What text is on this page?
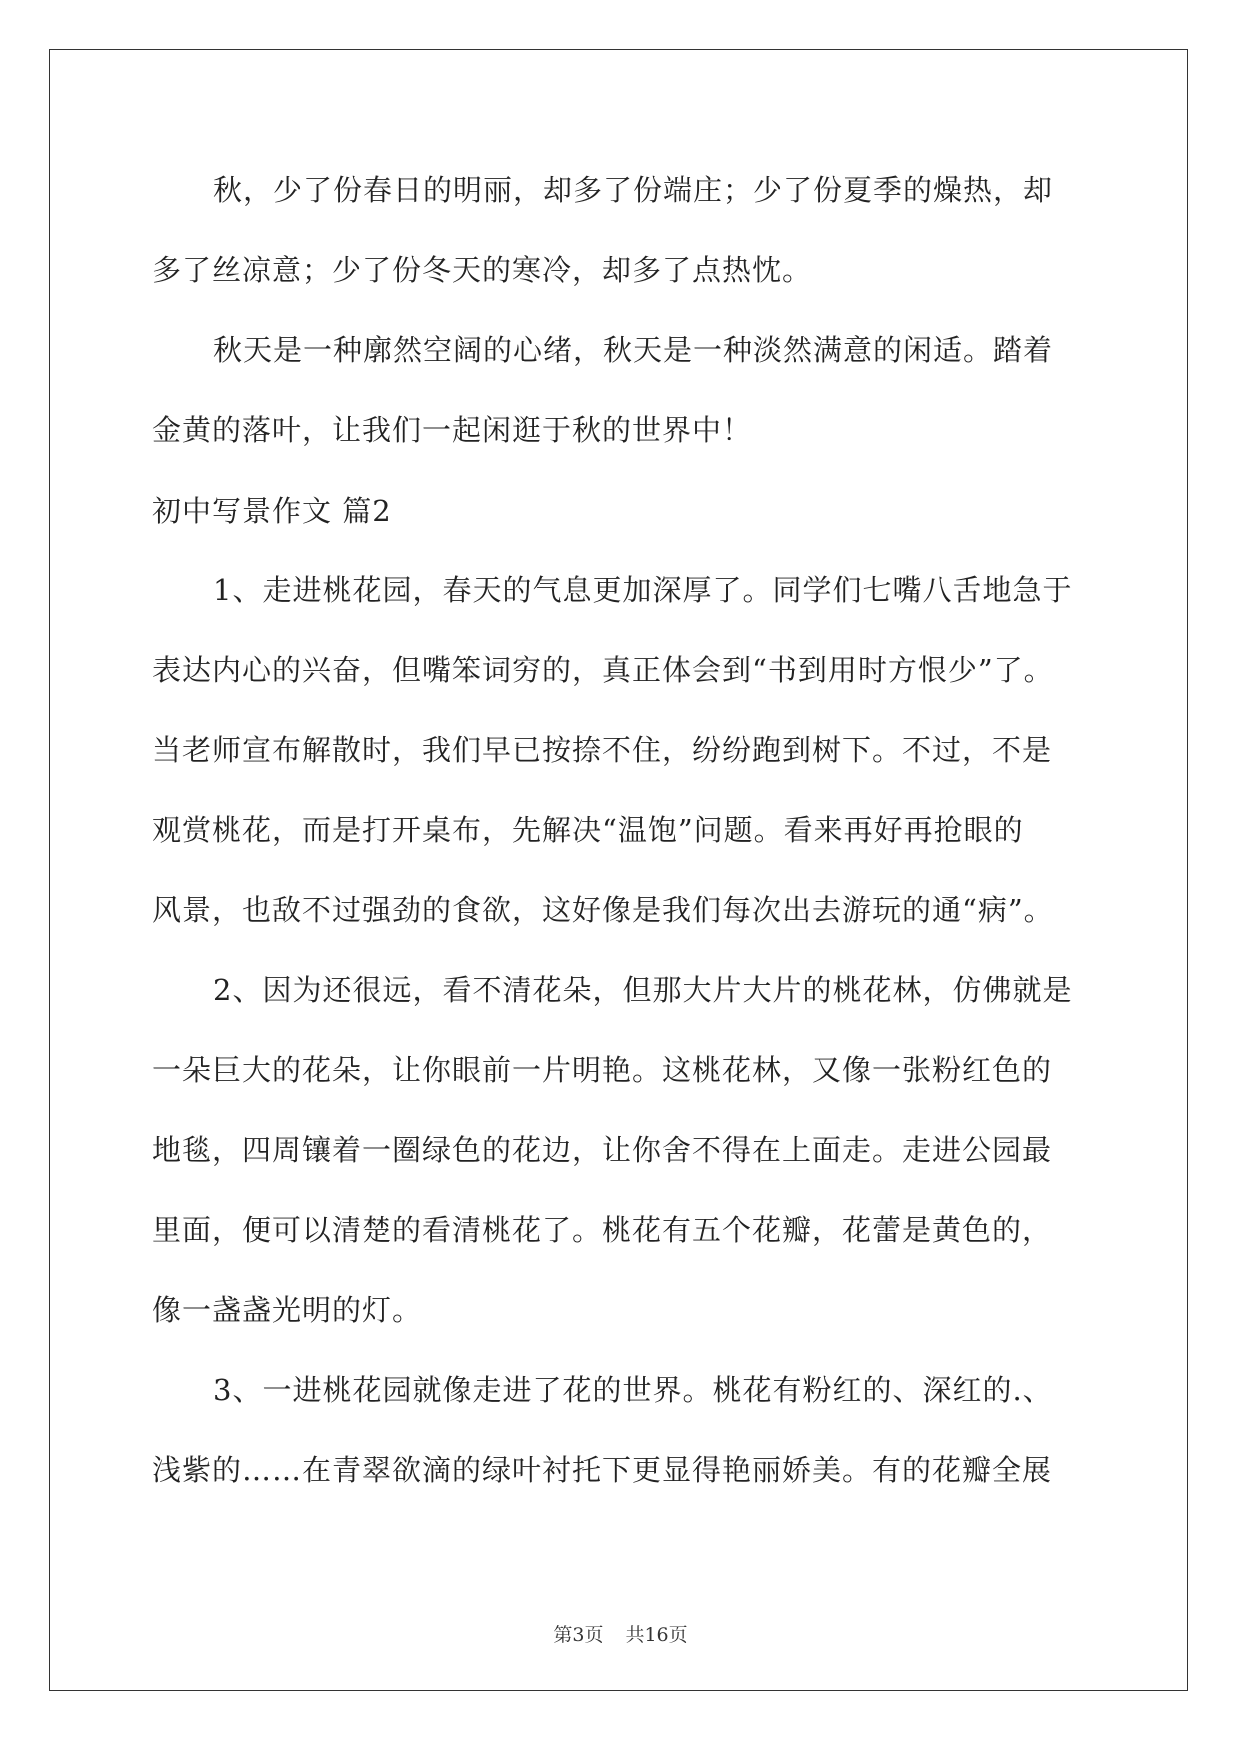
秋，少了份春日的明丽，却多了份端庄；少了份夏季的燥热，却
多了丝凉意；少了份冬天的寒冷，却多了点热忱。
秋天是一种廓然空阔的心绪，秋天是一种淡然满意的闲适。踏着
金黄的落叶，让我们一起闲逛于秋的世界中！
初中写景作文 篇2
1、走进桃花园，春天的气息更加深厚了。同学们七嘴八舌地急于
表达内心的兴奋，但嘴笨词穷的，真正体会到“书到用时方恨少”了。
当老师宣布解散时，我们早已按捺不住，纷纷跑到树下。不过，不是
观赏桃花，而是打开桌布，先解决“温饱”问题。看来再好再抢眼的
风景，也敌不过强劲的食欲，这好像是我们每次出去游玩的通“病”。
2、因为还很远，看不清花朵，但那大片大片的桃花林，仿佛就是
一朵巨大的花朵，让你眼前一片明艳。这桃花林，又像一张粉红色的
地毯，四周镶着一圈绿色的花边，让你舍不得在上面走。走进公园最
里面，便可以清楚的看清桃花了。桃花有五个花瓣，花蕾是黄色的，
像一盏盏光明的灯。
3、一进桃花园就像走进了花的世界。桃花有粉红的、深红的.、
浅紫的……在青翠欲滴的绿叶衬托下更显得艳丽娇美。有的花瓣全展
第3页 共16页
